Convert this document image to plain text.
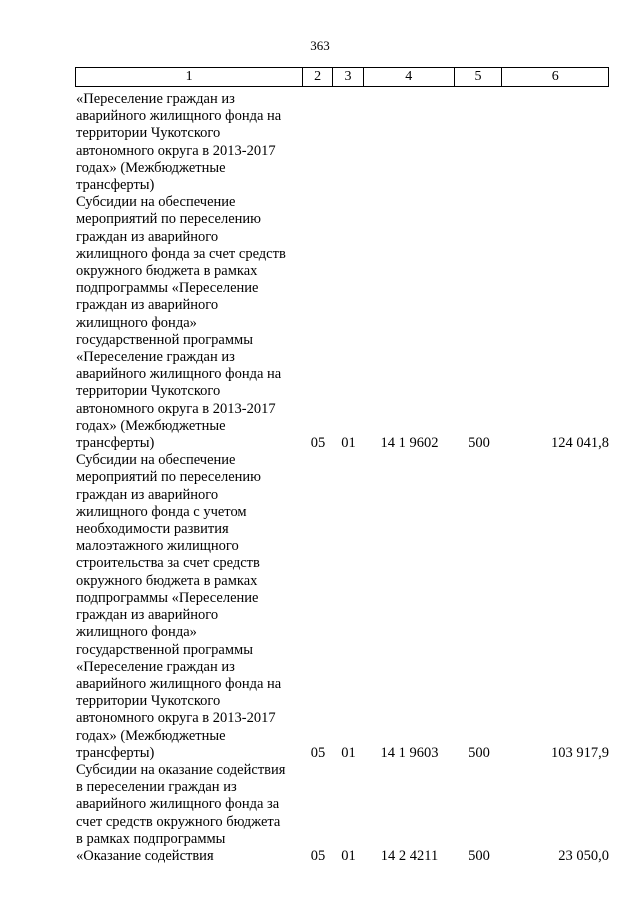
363
1	2	3	4	5	6
«Переселение граждан из
аварийного жилищного фонда на
территории Чукотского
автономного округа в 2013-2017
годах» (Межбюджетные
трансферты)
Субсидии на обеспечение
мероприятий по переселению
граждан из аварийного
жилищного фонда за счет средств
окружного бюджета в рамках
подпрограммы «Переселение
граждан из аварийного
жилищного фонда»
государственной программы
«Переселение граждан из
аварийного жилищного фонда на
территории Чукотского
автономного округа в 2013-2017
годах» (Межбюджетные
трансферты)	05	01	14 1 9602	500	124 041,8
Субсидии на обеспечение
мероприятий по переселению
граждан из аварийного
жилищного фонда с учетом
необходимости развития
малоэтажного жилищного
строительства за счет средств
окружного бюджета в рамках
подпрограммы «Переселение
граждан из аварийного
жилищного фонда»
государственной программы
«Переселение граждан из
аварийного жилищного фонда на
территории Чукотского
автономного округа в 2013-2017
годах» (Межбюджетные
трансферты)	05	01	14 1 9603	500	103 917,9
Субсидии на оказание содействия
в переселении граждан из
аварийного жилищного фонда за
счет средств окружного бюджета
в рамках подпрограммы
«Оказание содействия	05	01	14 2 4211	500	23 050,0
